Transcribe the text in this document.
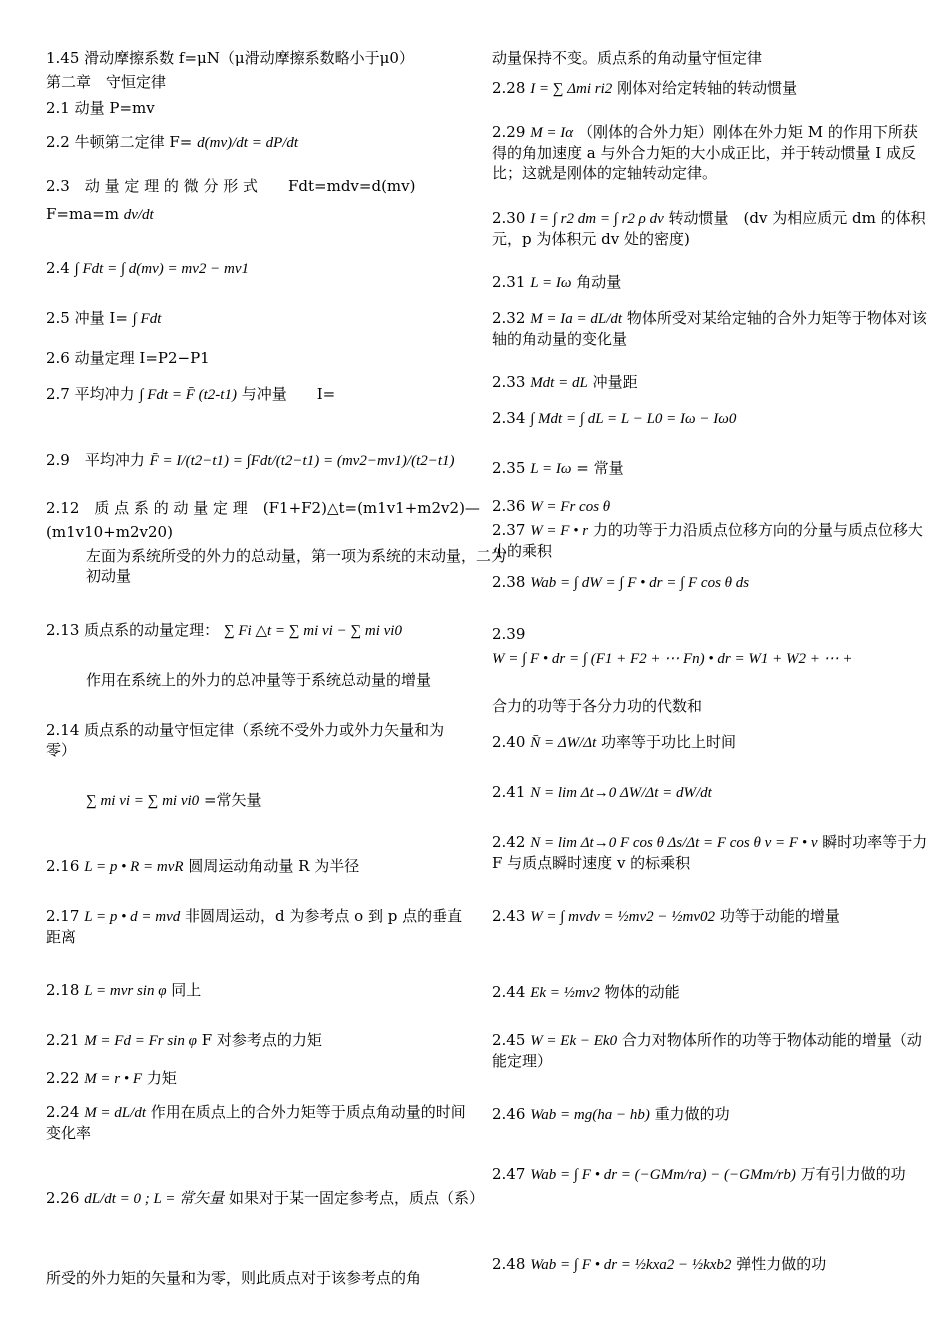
1.45 滑动摩擦系数 f=μN（μ滑动摩擦系数略小于μ0）
第二章　守恒定律
2.1 动量 P=mv
2.2 牛顿第二定律 F= d(mv)/dt = dP/dt
2.3　动 量 定 理 的 微 分 形 式　　Fdt=mdv=d(mv)
F=ma=m dv/dt
2.4 ∫ Fdt = ∫ d(mv) = mv2 − mv1
2.5 冲量 I= ∫ Fdt
2.6 动量定理 I=P2−P1
2.7 平均冲力 ∫ Fdt = F̄ (t2-t1) 与冲量　　I=
2.9　平均冲力 F̄ = I/(t2−t1) = ∫Fdt/(t2−t1) = (mv2−mv1)/(t2−t1)
2.12　质 点 系 的 动 量 定 理　(F1+F2)△t=(m1v1+m2v2)—
(m1v10+m2v20)
左面为系统所受的外力的总动量，第一项为系统的末动量，二为初动量
2.13 质点系的动量定理： ∑ Fi △t = ∑ mi vi − ∑ mi vi0
作用在系统上的外力的总冲量等于系统总动量的增量
2.14 质点系的动量守恒定律（系统不受外力或外力矢量和为零）
∑ mi vi = ∑ mi vi0 =常矢量
2.16 L = p • R = mvR 圆周运动角动量 R 为半径
2.17 L = p • d = mvd 非圆周运动，d 为参考点 o 到 p 点的垂直距离
2.18 L = mvr sin φ 同上
2.21 M = Fd = Fr sin φ F 对参考点的力矩
2.22 M = r • F 力矩
2.24 M = dL/dt 作用在质点上的合外力矩等于质点角动量的时间变化率
2.26 dL/dt = 0 ; L = 常矢量 如果对于某一固定参考点，质点（系）
所受的外力矩的矢量和为零，则此质点对于该参考点的角
动量保持不变。质点系的角动量守恒定律
2.28 I = ∑ Δmi ri2 刚体对给定转轴的转动惯量
2.29 M = Iα （刚体的合外力矩）刚体在外力矩 M 的作用下所获得的角加速度 a 与外合力矩的大小成正比，并于转动惯量 I 成反比；这就是刚体的定轴转动定律。
2.30 I = ∫ r2 dm = ∫ r2 ρ dv 转动惯量　(dv 为相应质元 dm 的体积元，p 为体积元 dv 处的密度)
2.31 L = Iω 角动量
2.32 M = Ia = dL/dt 物体所受对某给定轴的合外力矩等于物体对该轴的角动量的变化量
2.33 Mdt = dL 冲量距
2.34 ∫ Mdt = ∫ dL = L − L0 = Iω − Iω0
2.35 L = Iω = 常量
2.36 W = Fr cos θ
2.37 W = F • r 力的功等于力沿质点位移方向的分量与质点位移大小的乘积
2.38 Wab = ∫ dW = ∫ F • dr = ∫ F cos θ ds
2.39
W = ∫ F • dr = ∫ (F1 + F2 + ⋯ Fn) • dr = W1 + W2 + ⋯ +
合力的功等于各分力功的代数和
2.40 N̄ = ΔW/Δt 功率等于功比上时间
2.41 N = lim Δt→0 ΔW/Δt = dW/dt
2.42 N = lim Δt→0 F cos θ Δs/Δt = F cos θ v = F • v 瞬时功率等于力 F 与质点瞬时速度 v 的标乘积
2.43 W = ∫ mvdv = ½mv2 − ½mv02 功等于动能的增量
2.44 Ek = ½mv2 物体的动能
2.45 W = Ek − Ek0 合力对物体所作的功等于物体动能的增量（动能定理）
2.46 Wab = mg(ha − hb) 重力做的功
2.47 Wab = ∫ F • dr = (−GMm/ra) − (−GMm/rb) 万有引力做的功
2.48 Wab = ∫ F • dr = ½kxa2 − ½kxb2 弹性力做的功
